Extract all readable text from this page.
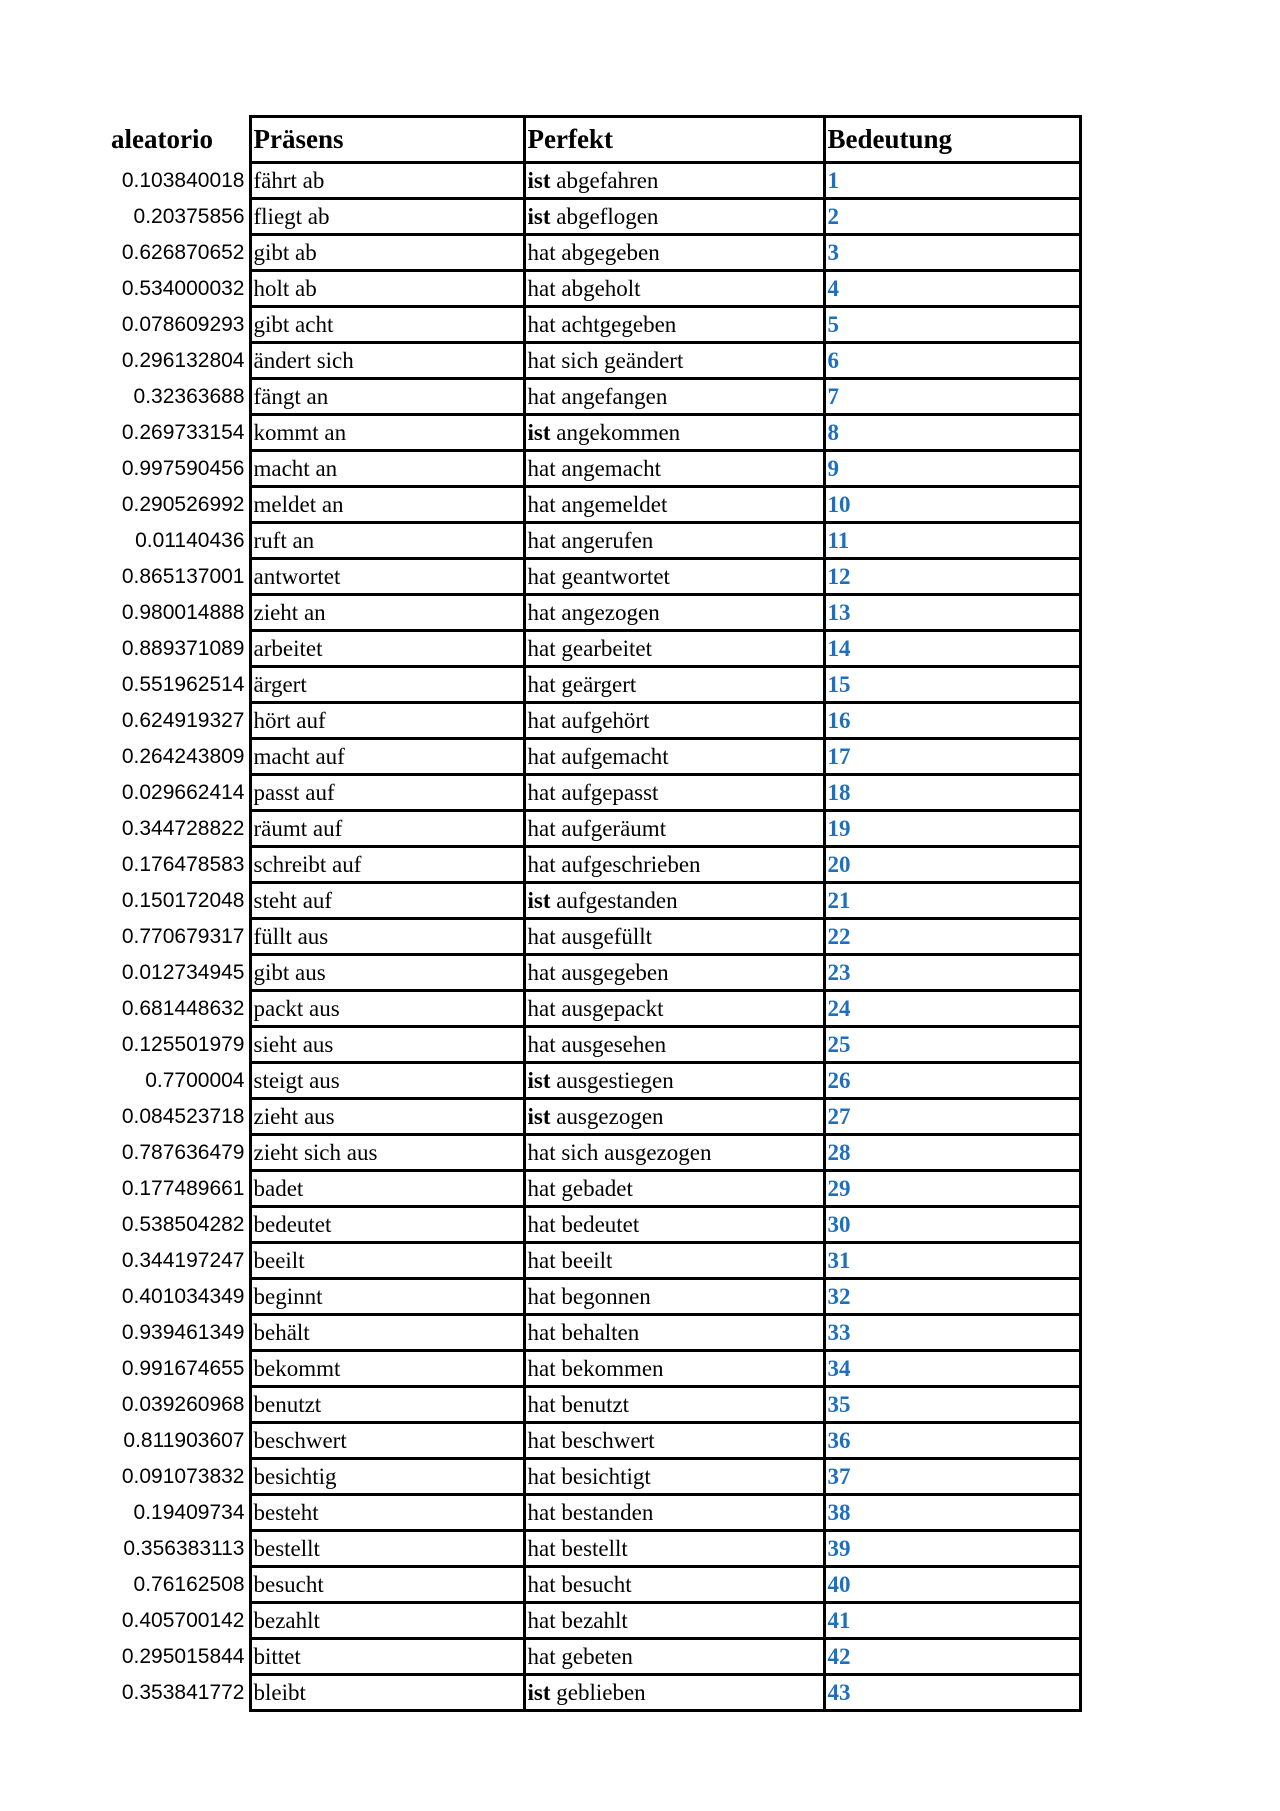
aleatorio	Präsens	Perfekt	Bedeutung
0.103840018	fährt ab	ist abgefahren	1
0.20375856	fliegt ab	ist abgeflogen	2
0.626870652	gibt ab	hat abgegeben	3
0.534000032	holt ab	hat abgeholt	4
0.078609293	gibt acht	hat achtgegeben	5
0.296132804	ändert sich	hat sich geändert	6
0.32363688	fängt an	hat angefangen	7
0.269733154	kommt an	ist angekommen	8
0.997590456	macht an	hat angemacht	9
0.290526992	meldet an	hat angemeldet	10
0.01140436	ruft an	hat angerufen	11
0.865137001	antwortet	hat geantwortet	12
0.980014888	zieht an	hat angezogen	13
0.889371089	arbeitet	hat gearbeitet	14
0.551962514	ärgert	hat geärgert	15
0.624919327	hört auf	hat aufgehört	16
0.264243809	macht auf	hat aufgemacht	17
0.029662414	passt auf	hat aufgepasst	18
0.344728822	räumt auf	hat aufgeräumt	19
0.176478583	schreibt auf	hat aufgeschrieben	20
0.150172048	steht auf	ist aufgestanden	21
0.770679317	füllt aus	hat ausgefüllt	22
0.012734945	gibt aus	hat ausgegeben	23
0.681448632	packt aus	hat ausgepackt	24
0.125501979	sieht aus	hat ausgesehen	25
0.7700004	steigt aus	ist ausgestiegen	26
0.084523718	zieht aus	ist ausgezogen	27
0.787636479	zieht sich aus	hat sich ausgezogen	28
0.177489661	badet	hat gebadet	29
0.538504282	bedeutet	hat bedeutet	30
0.344197247	beeilt	hat beeilt	31
0.401034349	beginnt	hat begonnen	32
0.939461349	behält	hat behalten	33
0.991674655	bekommt	hat bekommen	34
0.039260968	benutzt	hat benutzt	35
0.811903607	beschwert	hat beschwert	36
0.091073832	besichtig	hat besichtigt	37
0.19409734	besteht	hat bestanden	38
0.356383113	bestellt	hat bestellt	39
0.76162508	besucht	hat besucht	40
0.405700142	bezahlt	hat bezahlt	41
0.295015844	bittet	hat gebeten	42
0.353841772	bleibt	ist geblieben	43
